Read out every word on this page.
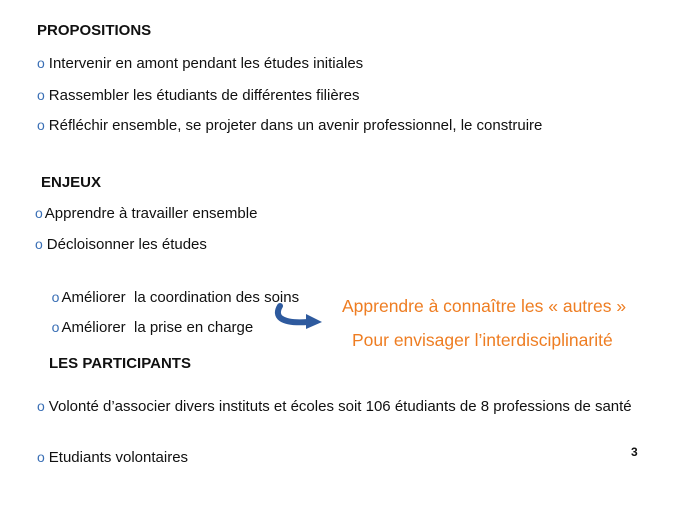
PROPOSITIONS

o Intervenir en amont pendant les études initiales

o Rassembler les étudiants de différentes filières

o Réfléchir ensemble, se projeter dans un avenir professionnel, le construire

ENJEUX

o Apprendre à travailler ensemble

o Décloisonner les études

o Améliorer  la coordination des soins

o Améliorer  la prise en charge

Apprendre à connaître les « autres »

Pour envisager l’interdisciplinarité

LES PARTICIPANTS

o Volonté d’associer divers instituts et écoles soit 106 étudiants de 8 professions de santé

o Etudiants volontaires	3
